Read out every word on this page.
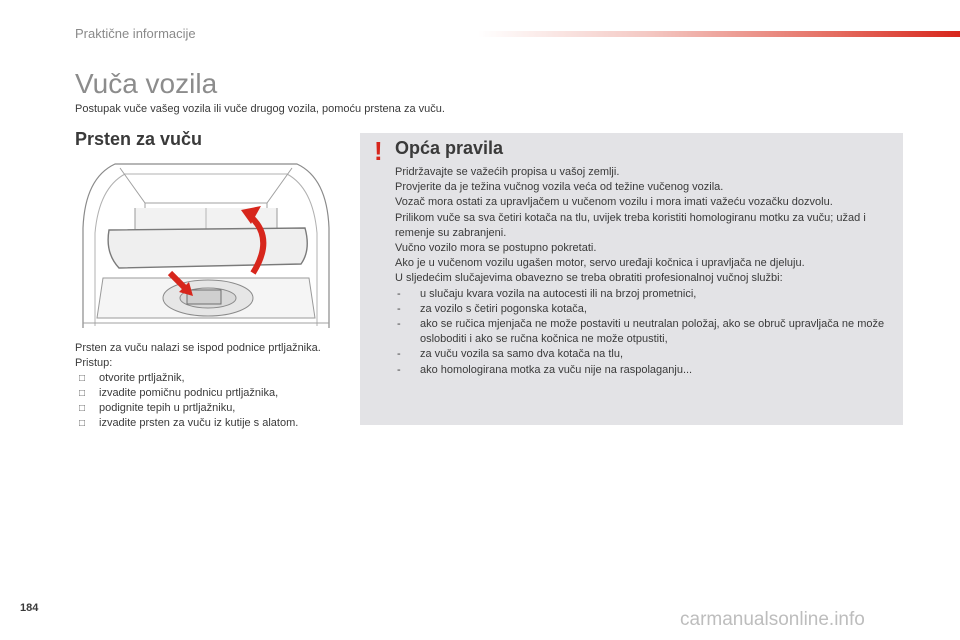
Praktične informacije
Vuča vozila
Postupak vuče vašeg vozila ili vuče drugog vozila, pomoću prstena za vuču.
Prsten za vuču

Prsten za vuču nalazi se ispod podnice prtljažnika.

Pristup:

□ otvorite prtljažnik,
□ izvadite pomičnu podnicu prtljažnika,
□ podignite tepih u prtljažniku,
□ izvadite prsten za vuču iz kutije s alatom.
! Opća pravila

Pridržavajte se važećih propisa u vašoj zemlji.

Provjerite da je težina vučnog vozila veća od težine vučenog vozila.

Vozač mora ostati za upravljačem u vučenom vozilu i mora imati važeću vozačku dozvolu.

Prilikom vuče sa sva četiri kotača na tlu, uvijek treba koristiti homologiranu motku za vuču; užad i remenje su zabranjeni.

Vučno vozilo mora se postupno pokretati.

Ako je u vučenom vozilu ugašen motor, servo uređaji kočnica i upravljača ne djeluju.

U sljedećim slučajevima obavezno se treba obratiti profesionalnoj vučnoj službi:

- u slučaju kvara vozila na autocesti ili na brzoj prometnici,
- za vozilo s četiri pogonska kotača,
- ako se ručica mjenjača ne može postaviti u neutralan položaj, ako se obruč upravljača ne može osloboditi i ako se ručna kočnica ne može otpustiti,
- za vuču vozila sa samo dva kotača na tlu,
- ako homologirana motka za vuču nije na raspolaganju...
184
carmanualsonline.info
